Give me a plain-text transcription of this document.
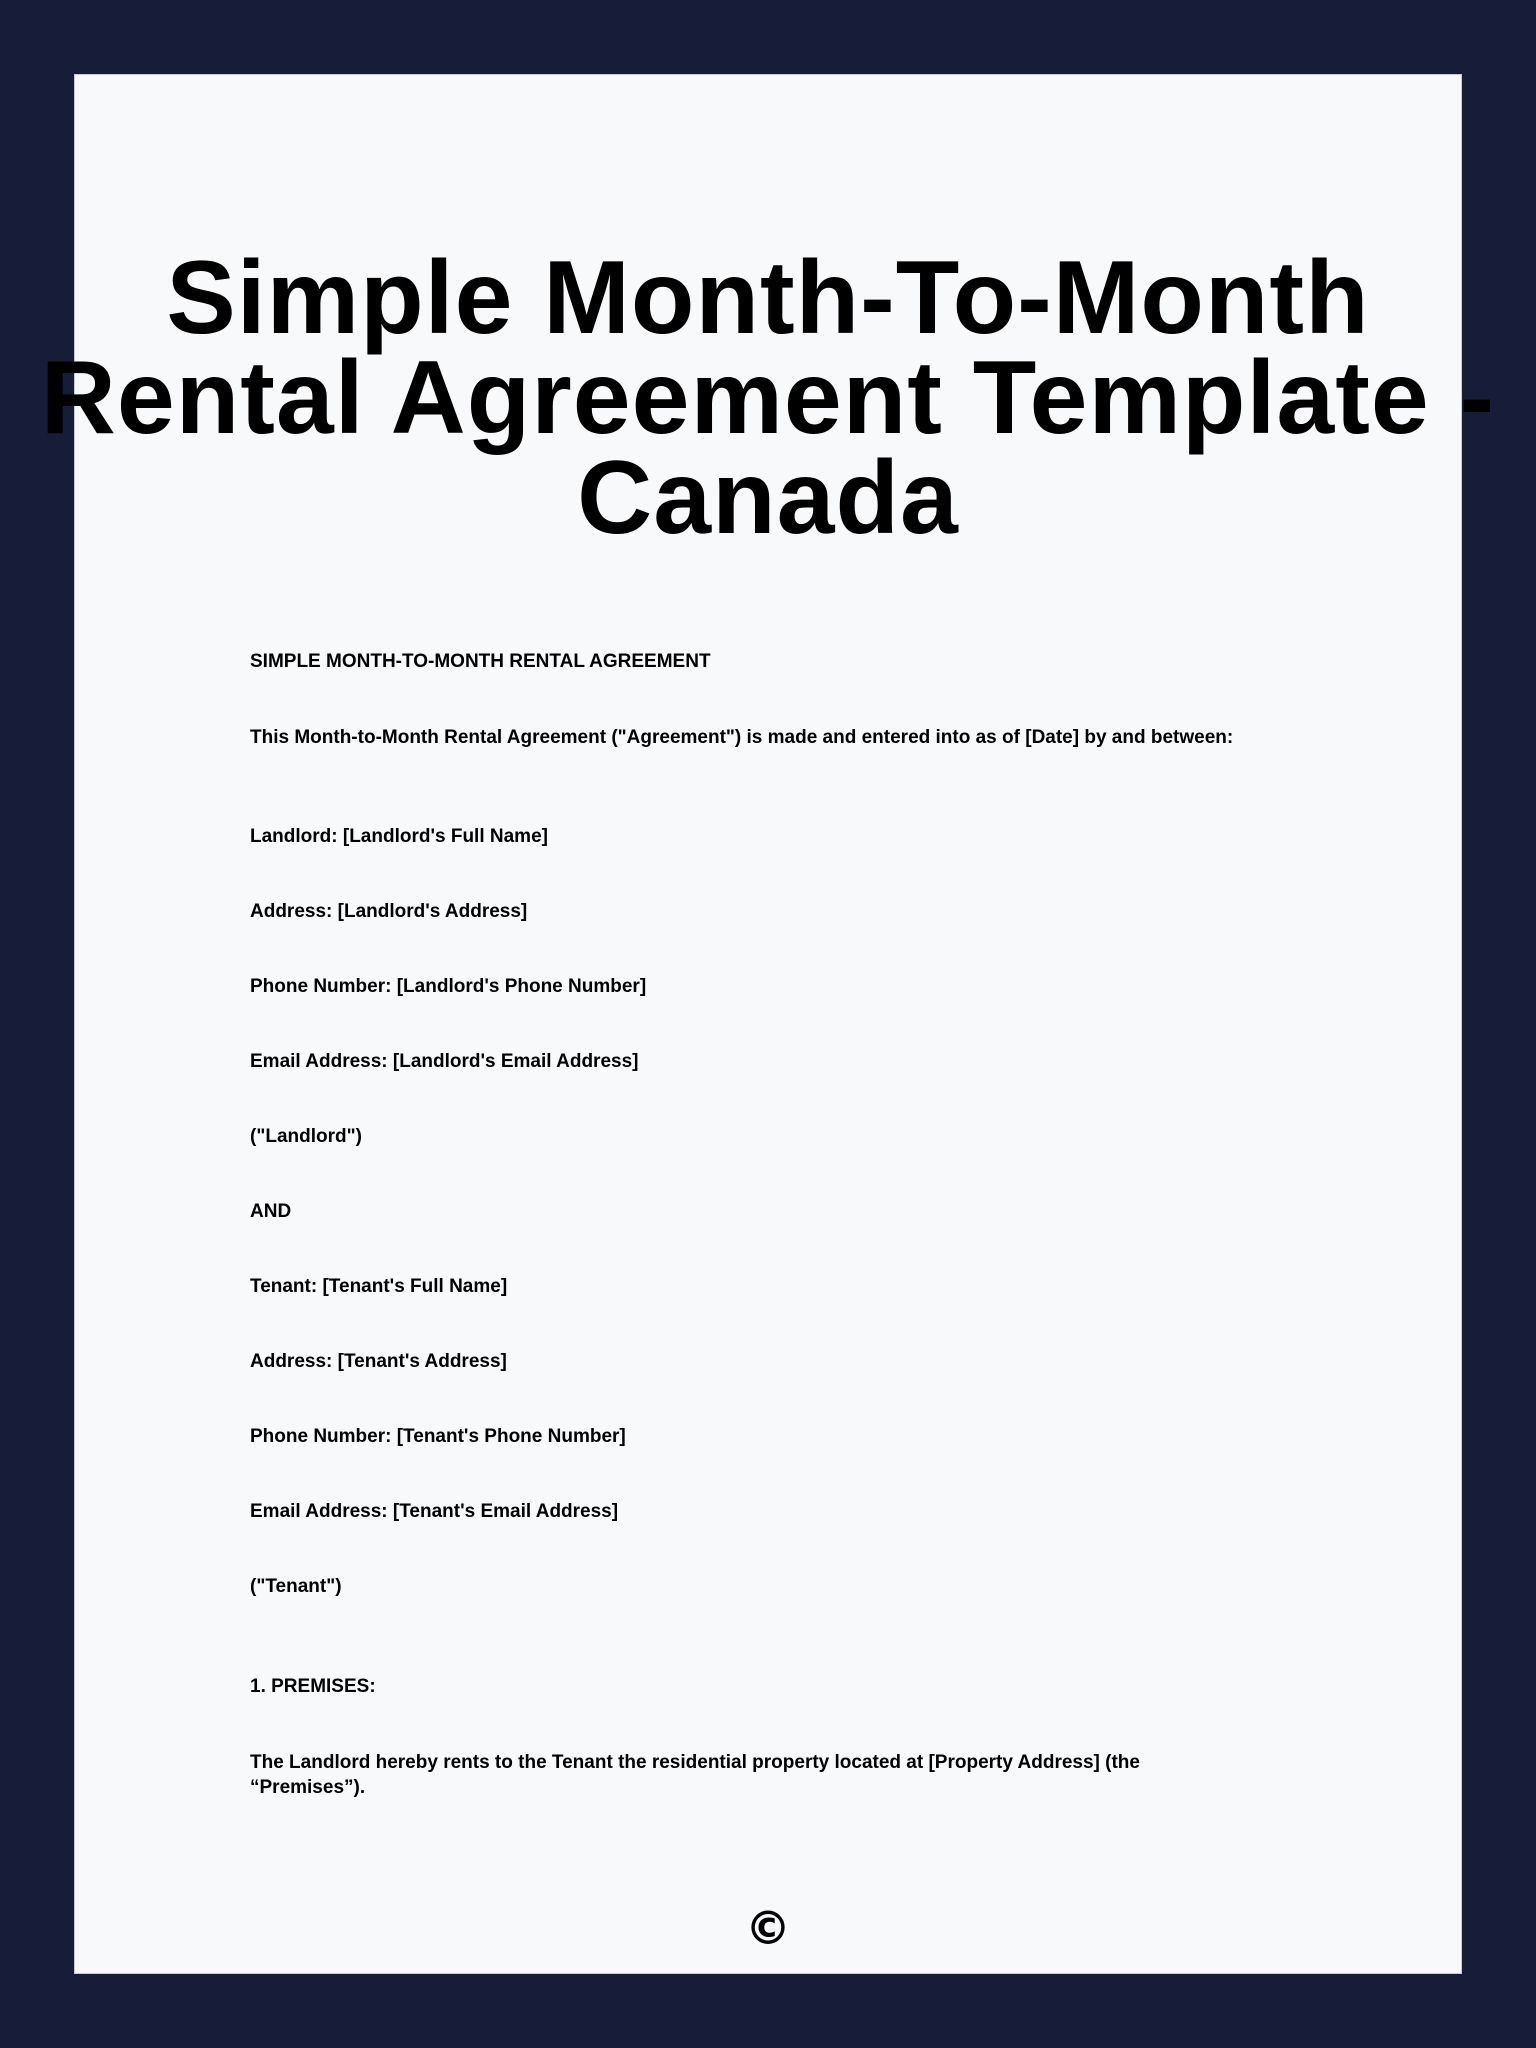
Simple Month-To-Month
Rental Agreement Template -
Canada

SIMPLE MONTH-TO-MONTH RENTAL AGREEMENT

This Month-to-Month Rental Agreement ("Agreement") is made and entered into as of [Date] by and between:

Landlord: [Landlord's Full Name]

Address: [Landlord's Address]

Phone Number: [Landlord's Phone Number]

Email Address: [Landlord's Email Address]

("Landlord")

AND

Tenant: [Tenant's Full Name]

Address: [Tenant's Address]

Phone Number: [Tenant's Phone Number]

Email Address: [Tenant's Email Address]

("Tenant")

1. PREMISES:

The Landlord hereby rents to the Tenant the residential property located at [Property Address] (the
“Premises”).

©
